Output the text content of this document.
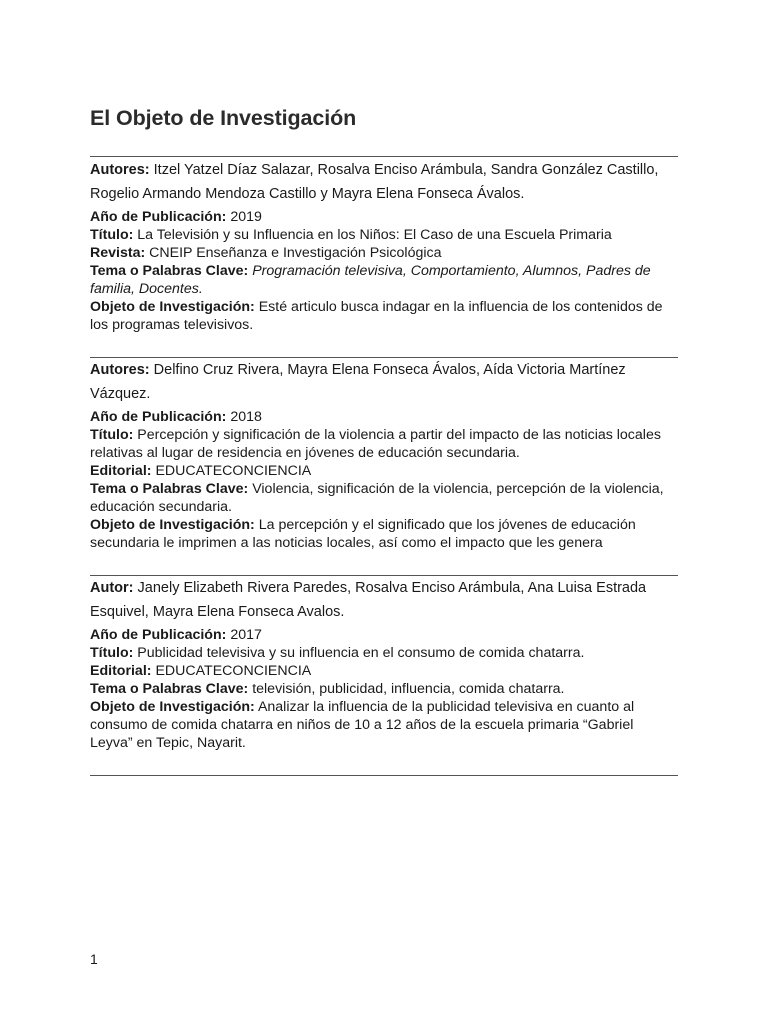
El Objeto de Investigación

Autores: Itzel Yatzel Díaz Salazar, Rosalva Enciso Arámbula, Sandra González Castillo, Rogelio Armando Mendoza Castillo y Mayra Elena Fonseca Ávalos.

Año de Publicación: 2019

Título: La Televisión y su Influencia en los Niños: El Caso de una Escuela Primaria

Revista: CNEIP Enseñanza e Investigación Psicológica

Tema o Palabras Clave: Programación televisiva, Comportamiento, Alumnos, Padres de familia, Docentes.

Objeto de Investigación: Esté articulo busca indagar en la influencia de los contenidos de los programas televisivos.

Autores: Delfino Cruz Rivera, Mayra Elena Fonseca Ávalos, Aída Victoria Martínez Vázquez.

Año de Publicación: 2018

Título: Percepción y significación de la violencia a partir del impacto de las noticias locales relativas al lugar de residencia en jóvenes de educación secundaria.

Editorial: EDUCATECONCIENCIA

Tema o Palabras Clave: Violencia, significación de la violencia, percepción de la violencia, educación secundaria.

Objeto de Investigación: La percepción y el significado que los jóvenes de educación secundaria le imprimen a las noticias locales, así como el impacto que les genera

Autor: Janely Elizabeth Rivera Paredes, Rosalva Enciso Arámbula, Ana Luisa Estrada Esquivel, Mayra Elena Fonseca Avalos.

Año de Publicación: 2017

Título: Publicidad televisiva y su influencia en el consumo de comida chatarra.

Editorial: EDUCATECONCIENCIA

Tema o Palabras Clave: televisión, publicidad, influencia, comida chatarra.

Objeto de Investigación: Analizar la influencia de la publicidad televisiva en cuanto al consumo de comida chatarra en niños de 10 a 12 años de la escuela primaria “Gabriel Leyva” en Tepic, Nayarit.

1
